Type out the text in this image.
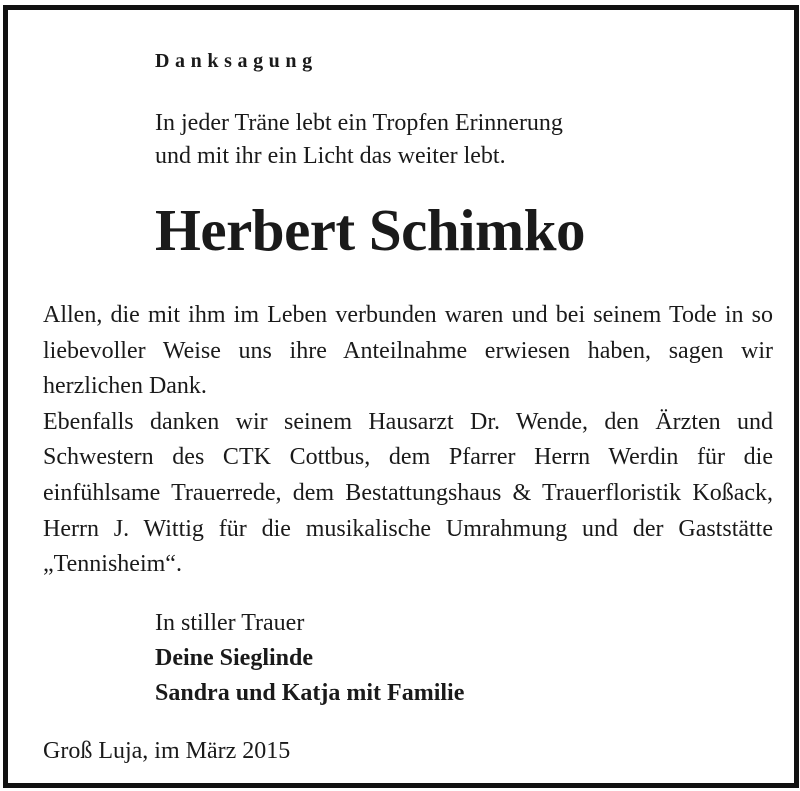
Danksagung
In jeder Träne lebt ein Tropfen Erinnerung
und mit ihr ein Licht das weiter lebt.
Herbert Schimko

Allen, die mit ihm im Leben verbunden waren und bei seinem Tode in so liebevoller Weise uns ihre Anteilnahme erwiesen haben, sagen wir herzlichen Dank.

Ebenfalls danken wir seinem Hausarzt Dr. Wende, den Ärzten und Schwestern des CTK Cottbus, dem Pfarrer Herrn Werdin für die einfühlsame Trauerrede, dem Bestattungshaus & Trauerfloristik Koßack, Herrn J. Wittig für die musikalische Umrahmung und der Gaststätte „Tennisheim“.

In stiller Trauer
Deine Sieglinde
Sandra und Katja mit Familie
Groß Luja, im März 2015
